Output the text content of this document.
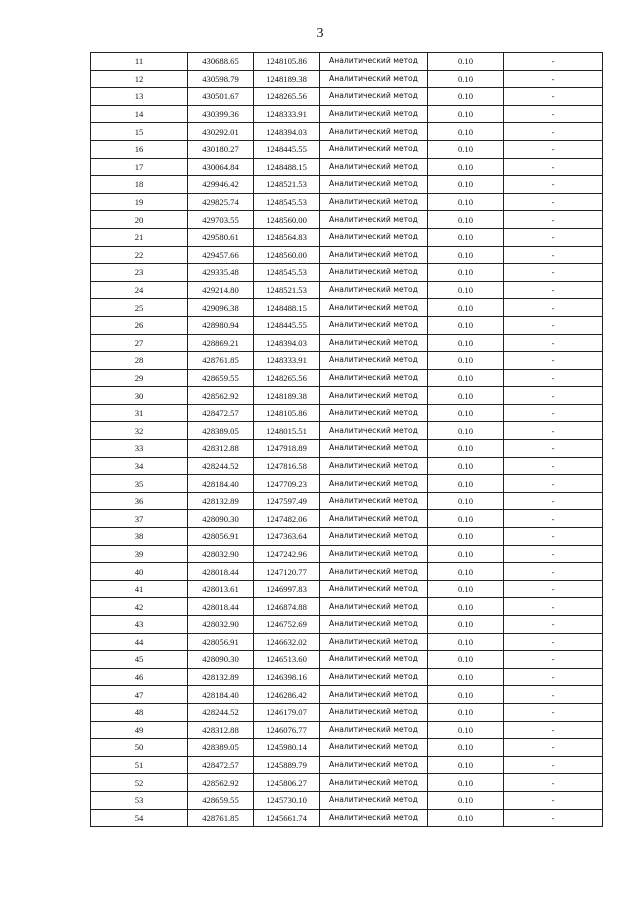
3
11	430688.65	1248105.86	Аналитический метод	0.10	-
12	430598.79	1248189.38	Аналитический метод	0.10	-
13	430501.67	1248265.56	Аналитический метод	0.10	-
14	430399.36	1248333.91	Аналитический метод	0.10	-
15	430292.01	1248394.03	Аналитический метод	0.10	-
16	430180.27	1248445.55	Аналитический метод	0.10	-
17	430064.84	1248488.15	Аналитический метод	0.10	-
18	429946.42	1248521.53	Аналитический метод	0.10	-
19	429825.74	1248545.53	Аналитический метод	0.10	-
20	429703.55	1248560.00	Аналитический метод	0.10	-
21	429580.61	1248564.83	Аналитический метод	0.10	-
22	429457.66	1248560.00	Аналитический метод	0.10	-
23	429335.48	1248545.53	Аналитический метод	0.10	-
24	429214.80	1248521.53	Аналитический метод	0.10	-
25	429096.38	1248488.15	Аналитический метод	0.10	-
26	428980.94	1248445.55	Аналитический метод	0.10	-
27	428869.21	1248394.03	Аналитический метод	0.10	-
28	428761.85	1248333.91	Аналитический метод	0.10	-
29	428659.55	1248265.56	Аналитический метод	0.10	-
30	428562.92	1248189.38	Аналитический метод	0.10	-
31	428472.57	1248105.86	Аналитический метод	0.10	-
32	428389.05	1248015.51	Аналитический метод	0.10	-
33	428312.88	1247918.89	Аналитический метод	0.10	-
34	428244.52	1247816.58	Аналитический метод	0.10	-
35	428184.40	1247709.23	Аналитический метод	0.10	-
36	428132.89	1247597.49	Аналитический метод	0.10	-
37	428090.30	1247482.06	Аналитический метод	0.10	-
38	428056.91	1247363.64	Аналитический метод	0.10	-
39	428032.90	1247242.96	Аналитический метод	0.10	-
40	428018.44	1247120.77	Аналитический метод	0.10	-
41	428013.61	1246997.83	Аналитический метод	0.10	-
42	428018.44	1246874.88	Аналитический метод	0.10	-
43	428032.90	1246752.69	Аналитический метод	0.10	-
44	428056.91	1246632.02	Аналитический метод	0.10	-
45	428090.30	1246513.60	Аналитический метод	0.10	-
46	428132.89	1246398.16	Аналитический метод	0.10	-
47	428184.40	1246286.42	Аналитический метод	0.10	-
48	428244.52	1246179.07	Аналитический метод	0.10	-
49	428312.88	1246076.77	Аналитический метод	0.10	-
50	428389.05	1245980.14	Аналитический метод	0.10	-
51	428472.57	1245889.79	Аналитический метод	0.10	-
52	428562.92	1245806.27	Аналитический метод	0.10	-
53	428659.55	1245730.10	Аналитический метод	0.10	-
54	428761.85	1245661.74	Аналитический метод	0.10	-
